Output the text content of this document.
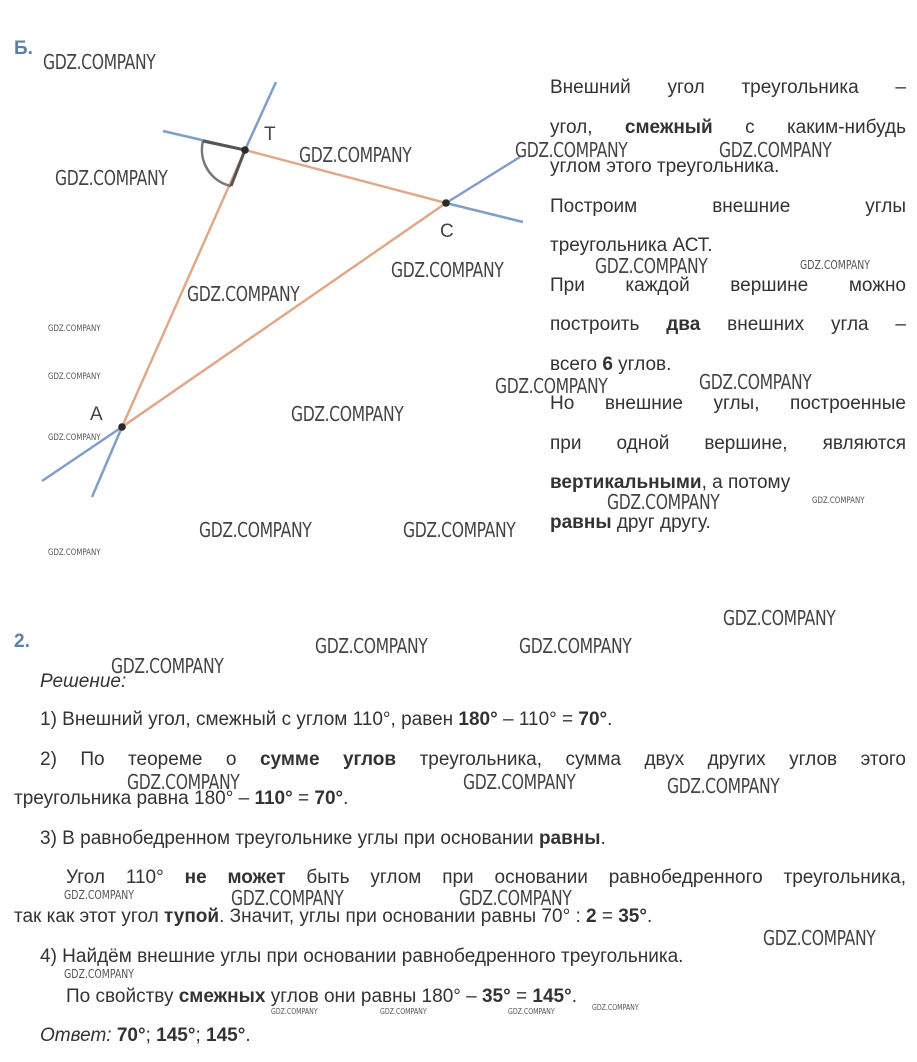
Б.
T
C
A
Внешний угол треугольника –
угол, смежный с каким-нибудь
углом этого треугольника.
Построим внешние углы
треугольника АСТ.
При каждой вершине можно
построить два внешних угла –
всего 6 углов.
Но внешние углы, построенные
при одной вершине, являются
вертикальными, а потому
равны друг другу.
2.
Решение:
1) Внешний угол, смежный с углом 110°, равен 180° – 110° = 70°.
2) По теореме о сумме углов треугольника, сумма двух других углов этого
треугольника равна 180° – 110° = 70°.
3) В равнобедренном треугольнике углы при основании равны.
Угол 110° не может быть углом при основании равнобедренного треугольника,
так как этот угол тупой. Значит, углы при основании равны 70° : 2 = 35°.
4) Найдём внешние углы при основании равнобедренного треугольника.
По свойству смежных углов они равны 180° – 35° = 145°.
Ответ: 70°; 145°; 145°.
GDZ.COMPANY
GDZ.COMPANY
GDZ.COMPANY	GDZ.COMPANY	GDZ.COMPANY
GDZ.COMPANY	GDZ.COMPANY
GDZ.COMPANY
GDZ.COMPANY	GDZ.COMPANY
GDZ.COMPANY
GDZ.COMPANY
GDZ.COMPANY	GDZ.COMPANY
GDZ.COMPANY
GDZ.COMPANY	GDZ.COMPANY
GDZ.COMPANY
GDZ.COMPANY	GDZ.COMPANY	GDZ.COMPANY
GDZ.COMPANY	GDZ.COMPANY
GDZ.COMPANY
GDZ.COMPANY
GDZ.COMPANY
GDZ.COMPANY
GDZ.COMPANY
GDZ.COMPANY
GDZ.COMPANY
GDZ.COMPANY
GDZ.COMPANY
GDZ.COMPANY	GDZ.COMPANY	GDZ.COMPANY	GDZ.COMPANY
